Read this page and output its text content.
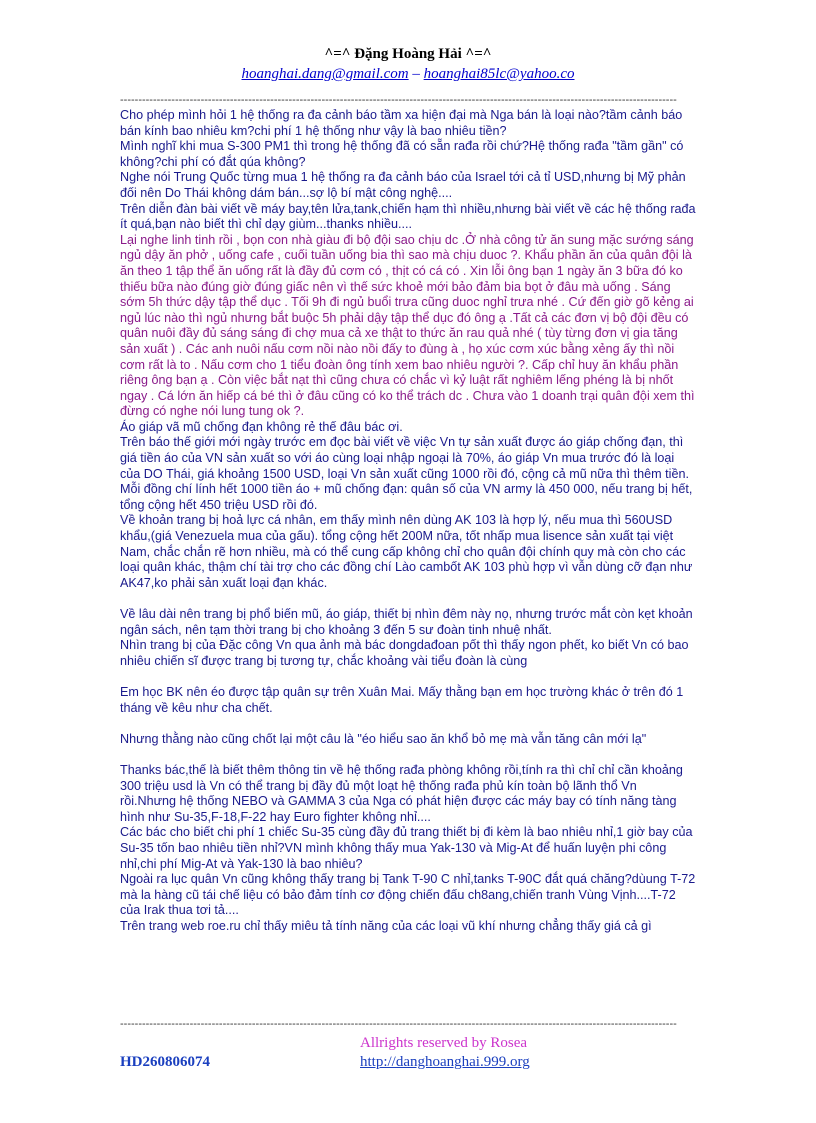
^=^ Đặng Hoàng Hải ^=^
hoanghai.dang@gmail.com – hoanghai85lc@yahoo.co
--------------------------------------------------------------------------------------------------------------------------------------------------------

Cho phép mình hỏi 1 hệ thống ra đa cảnh báo tầm xa hiện đại mà Nga bán là loại nào?tầm cảnh báo bán kính bao nhiêu km?chi phí 1 hệ thống như vậy là bao nhiêu tiền?

Mình nghĩ khi mua S-300 PM1 thì trong hệ thống đã có sẵn rađa rồi chứ?Hệ thống rađa "tầm gần" có không?chi phí có đắt qúa không?

Nghe nói Trung Quốc từng mua 1 hệ thống ra đa cảnh báo của Israel tới cả tỉ USD,nhưng bị Mỹ phản đối nên Do Thái không dám bán...sợ lộ bí mật công nghệ....

Trên diễn đàn bài viết về máy bay,tên lửa,tank,chiến hạm thì nhiều,nhưng bài viết về các hệ thống rađa ít quá,bạn nào biết thì chỉ dạy giùm...thanks nhiều....

Lại nghe linh tinh rồi , bọn con nhà giàu đi bộ đội sao chịu dc .Ở nhà công tử ăn sung mặc sướng sáng ngủ dậy ăn phở , uống cafe , cuối tuần uống bia thì sao mà chịu duoc ?. Khẩu phần ăn của quân đội là ăn theo 1 tập thể ăn uống rất là đầy đủ cơm có , thịt có cá có . Xin lỗi ông bạn 1 ngày ăn 3 bữa đó ko thiếu bữa nào đúng giờ đúng giấc nên vì thế sức khoẻ mới bảo đảm bia bọt ở đâu mà uống . Sáng sớm 5h thức dậy tập thể dục . Tối 9h đi ngủ buổi trưa cũng duoc nghỉ trưa nhé . Cứ đến giờ gõ kẻng ai ngủ lúc nào thì ngủ nhưng bắt buộc 5h phải dậy tập thể dục đó ông ạ .Tất cả các đơn vị bộ đội đều có quân nuôi đầy đủ sáng sáng đi chợ mua cả xe thật to thức ăn rau quả nhé ( tùy từng đơn vị gia tăng sản xuất ) . Các anh nuôi nấu cơm nồi nào nồi đấy to đùng à , họ xúc cơm xúc bằng xẻng ấy thì nồi cơm rất là to . Nấu cơm cho 1 tiểu đoàn ông tính xem bao nhiêu người ?. Cấp chỉ huy ăn khẩu phần riêng ông bạn ạ . Còn việc bắt nạt thì cũng chưa có chắc vì kỷ luật rất nghiêm lếng phéng là bị nhốt ngay . Cá lớn ăn hiếp cá bé thì ở đâu cũng có ko thể trách dc . Chưa vào 1 doanh trại quân đội xem thì đừng có nghe nói lung tung ok ?.

Áo giáp vã mũ chống đạn không rẻ thế đâu bác ơi.

Trên báo thế giới mới ngày trước em đọc bài viết về việc Vn tự sản xuất được áo giáp chống đạn, thì giá tiền áo của VN sản xuất so với áo cùng loại nhập ngoại là 70%, áo giáp Vn mua trước đó là loại của DO Thái, giá khoảng 1500 USD, loại Vn sản xuất cũng 1000 rồi đó, cộng cả mũ nữa thì thêm tiền.

Mỗi đồng chí lính hết 1000 tiền áo + mũ chống đạn: quân số của VN army là 450 000, nếu trang bị hết, tổng cộng hết 450 triệu USD rồi đó.

Về khoản trang bị hoả lực cá nhân, em thấy mình nên dùng AK 103 là hợp lý, nếu mua thì 560USD khẩu,(giá Venezuela mua của gấu). tổng cộng hết 200M nữa, tốt nhấp mua lisence sản xuất tại việt Nam, chắc chắn rẽ hơn nhiều, mà có thể cung cấp không chỉ cho quân đội chính quy mà còn cho các loại quân khác, thậm chí tài trợ cho các đồng chí Lào cambốt AK 103 phù hợp vì vẫn dùng cỡ đạn như AK47,ko phải sản xuất loại đạn khác.

Về lâu dài nên trang bị phổ biến mũ, áo giáp, thiết bị nhìn đêm này nọ, nhưng trước mắt còn kẹt khoản ngân sách, nên tạm thời trang bị cho khoảng 3 đến 5 sư đoàn tinh nhuệ nhất.

Nhìn trang bị của Đặc công Vn qua ảnh mà bác dongdađoan pốt thì thấy ngon phết, ko biết Vn có bao nhiêu chiến sĩ được trang bị tương tự, chắc khoảng vài tiểu đoàn là cùng

Em học BK nên éo được tập quân sự trên Xuân Mai. Mấy thằng bạn em học trường khác ở trên đó 1 tháng về kêu như cha chết.

Nhưng thằng nào cũng chốt lại một câu là "éo hiểu sao ăn khổ bỏ mẹ mà vẫn tăng cân mới lạ"

Thanks bác,thế là biết thêm thông tin về hệ thống rađa phòng không rồi,tính ra thì chỉ chỉ cần khoảng 300 triệu usd là Vn có thể trang bị đầy đủ một loạt hệ thống rađa phủ kín toàn bộ lãnh thổ Vn rồi.Nhưng hệ thống NEBO và GAMMA 3 của Nga có phát hiện được các máy bay có tính năng tàng hình như Su-35,F-18,F-22 hay Euro fighter không nhỉ....

Các bác cho biết chi phí 1 chiếc Su-35 cùng đầy đủ trang thiết bị đi kèm là bao nhiêu nhỉ,1 giờ bay của Su-35 tốn bao nhiêu tiền nhỉ?VN mình không thấy mua Yak-130 và Mig-At để huấn luyện phi công nhỉ,chi phí Mig-At và Yak-130 là bao nhiêu?

Ngoài ra lục quân Vn cũng không thấy trang bị Tank T-90 C nhỉ,tanks T-90C đắt quá chăng?dùung T-72 mà la hàng cũ tái chế liệu có bảo đảm tính cơ động chiến đấu ch8ang,chiến tranh Vùng Vịnh....T-72 của Irak thua tơi tả....

Trên trang web roe.ru chỉ thấy miêu tả tính năng của các loại vũ khí nhưng chẳng thấy giá cả gì

--------------------------------------------------------------------------------------------------------------------------------------------------------
Allrights reserved by Rosea
HD260806074	http://danghoanghai.999.org
